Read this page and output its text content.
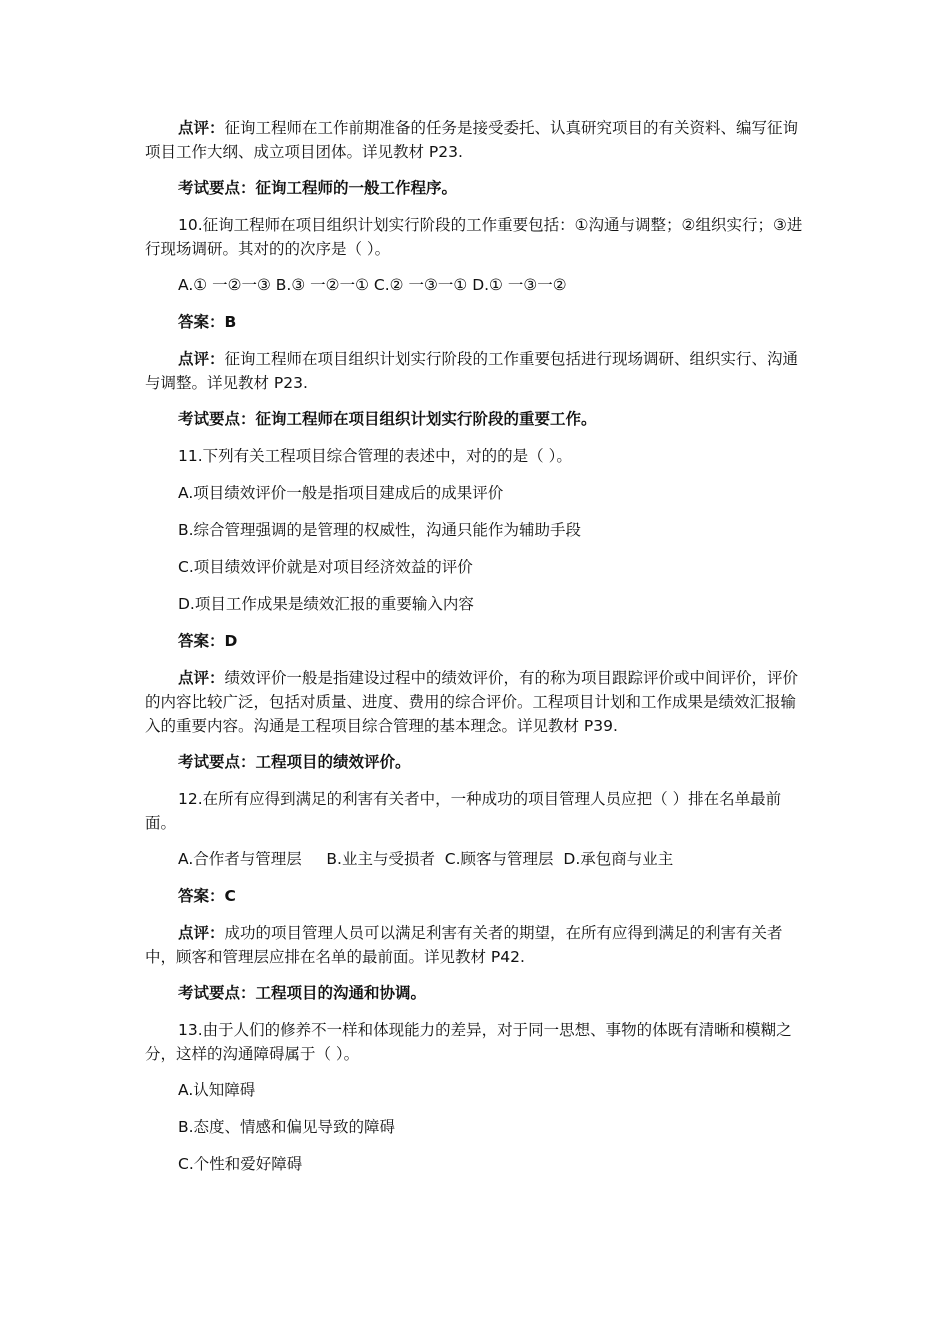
点评：征询工程师在工作前期准备的任务是接受委托、认真研究项目的有关资料、编写征询项目工作大纲、成立项目团体。详见教材 P23.

考试要点：征询工程师的一般工作程序。

10.征询工程师在项目组织计划实行阶段的工作重要包括：①沟通与调整；②组织实行；③进行现场调研。其对的的次序是（ ）。

A.① 一②一③ B.③ 一②一① C.② 一③一① D.① 一③一②

答案：B

点评：征询工程师在项目组织计划实行阶段的工作重要包括进行现场调研、组织实行、沟通与调整。详见教材 P23.

考试要点：征询工程师在项目组织计划实行阶段的重要工作。

11.下列有关工程项目综合管理的表述中，对的的是（ ）。

A.项目绩效评价一般是指项目建成后的成果评价

B.综合管理强调的是管理的权威性，沟通只能作为辅助手段

C.项目绩效评价就是对项目经济效益的评价

D.项目工作成果是绩效汇报的重要输入内容

答案：D

点评：绩效评价一般是指建设过程中的绩效评价，有的称为项目跟踪评价或中间评价，评价的内容比较广泛，包括对质量、进度、费用的综合评价。工程项目计划和工作成果是绩效汇报输入的重要内容。沟通是工程项目综合管理的基本理念。详见教材 P39.

考试要点：工程项目的绩效评价。

12.在所有应得到满足的利害有关者中，一种成功的项目管理人员应把（ ）排在名单最前面。

A.合作者与管理层     B.业主与受损者  C.顾客与管理层  D.承包商与业主

答案：C

点评：成功的项目管理人员可以满足利害有关者的期望，在所有应得到满足的利害有关者中，顾客和管理层应排在名单的最前面。详见教材 P42.

考试要点：工程项目的沟通和协调。

13.由于人们的修养不一样和体现能力的差异，对于同一思想、事物的体既有清晰和模糊之分，这样的沟通障碍属于（ ）。

A.认知障碍

B.态度、情感和偏见导致的障碍

C.个性和爱好障碍
